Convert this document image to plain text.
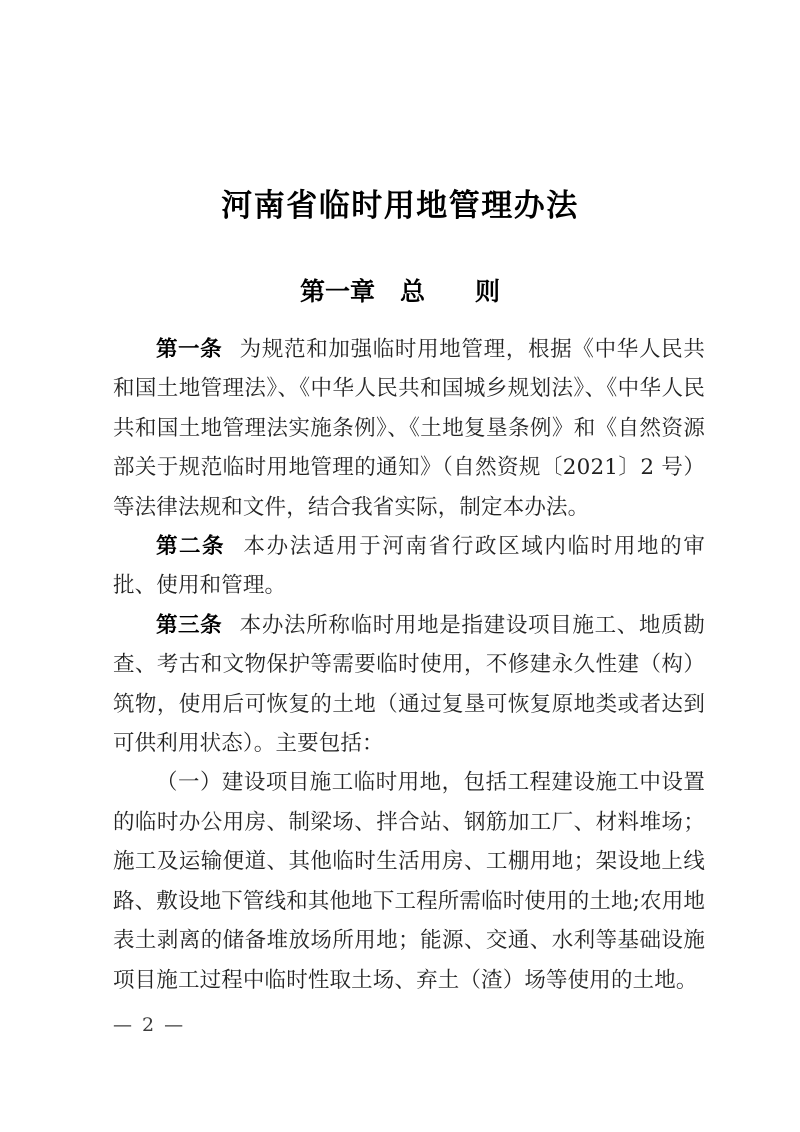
河南省临时用地管理办法
第一章　总　　则

第一条 为规范和加强临时用地管理，根据《中华人民共和国土地管理法》、《中华人民共和国城乡规划法》、《中华人民共和国土地管理法实施条例》、《土地复垦条例》和《自然资源部关于规范临时用地管理的通知》（自然资规〔2021〕2 号）等法律法规和文件，结合我省实际，制定本办法。

第二条 本办法适用于河南省行政区域内临时用地的审批、使用和管理。

第三条 本办法所称临时用地是指建设项目施工、地质勘查、考古和文物保护等需要临时使用，不修建永久性建（构）筑物，使用后可恢复的土地（通过复垦可恢复原地类或者达到可供利用状态）。主要包括：

（一）建设项目施工临时用地，包括工程建设施工中设置的临时办公用房、制梁场、拌合站、钢筋加工厂、材料堆场；施工及运输便道、其他临时生活用房、工棚用地；架设地上线路、敷设地下管线和其他地下工程所需临时使用的土地;农用地表土剥离的储备堆放场所用地；能源、交通、水利等基础设施项目施工过程中临时性取土场、弃土（渣）场等使用的土地。

— 2 —
